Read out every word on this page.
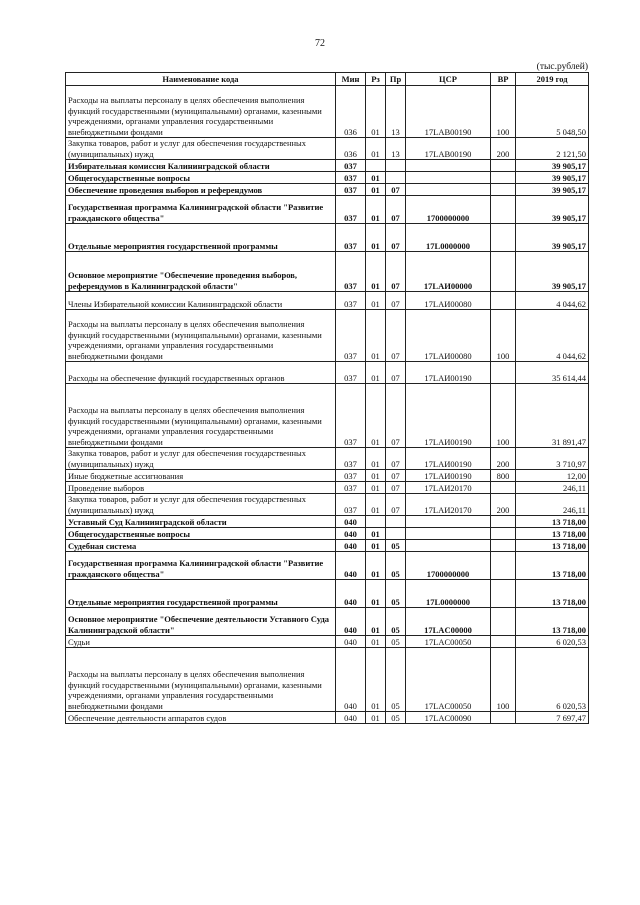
72
(тыс.рублей)
Наименование кода	Мин	Рз	Пр	ЦСР	ВР	2019 год
Расходы на выплаты персоналу в целях обеспечения выполнения функций государственными (муниципальными) органами, казенными учреждениями, органами управления государственными внебюджетными фондами	036	01	13	17LAB00190	100	5 048,50
Закупка товаров, работ и услуг для обеспечения государственных (муниципальных) нужд	036	01	13	17LAB00190	200	2 121,50
Избирательная комиссия Калининградской области	037					39 905,17
Общегосударственные вопросы	037	01				39 905,17
Обеспечение проведения выборов и референдумов	037	01	07			39 905,17
Государственная программа Калининградской области "Развитие гражданского общества"	037	01	07	1700000000		39 905,17
Отдельные мероприятия государственной программы	037	01	07	17L0000000		39 905,17
Основное мероприятие "Обеспечение проведения выборов, референдумов в Калининградской области"	037	01	07	17LAИ00000		39 905,17
Члены Избирательной комиссии Калининградской области	037	01	07	17LAИ00080		4 044,62
Расходы на выплаты персоналу в целях обеспечения выполнения функций государственными (муниципальными) органами, казенными учреждениями, органами управления государственными внебюджетными фондами	037	01	07	17LAИ00080	100	4 044,62
Расходы на обеспечение функций государственных органов	037	01	07	17LAИ00190		35 614,44
Расходы на выплаты персоналу в целях обеспечения выполнения функций государственными (муниципальными) органами, казенными учреждениями, органами управления государственными внебюджетными фондами	037	01	07	17LAИ00190	100	31 891,47
Закупка товаров, работ и услуг для обеспечения государственных (муниципальных) нужд	037	01	07	17LAИ00190	200	3 710,97
Иные бюджетные ассигнования	037	01	07	17LAИ00190	800	12,00
Проведение выборов	037	01	07	17LAИ20170		246,11
Закупка товаров, работ и услуг для обеспечения государственных (муниципальных) нужд	037	01	07	17LAИ20170	200	246,11
Уставный Суд Калининградской области	040					13 718,00
Общегосударственные вопросы	040	01				13 718,00
Судебная система	040	01	05			13 718,00
Государственная программа Калининградской области "Развитие гражданского общества"	040	01	05	1700000000		13 718,00
Отдельные мероприятия государственной программы	040	01	05	17L0000000		13 718,00
Основное мероприятие "Обеспечение деятельности Уставного Суда Калининградской области"	040	01	05	17LAC00000		13 718,00
Судьи	040	01	05	17LAC00050		6 020,53
Расходы на выплаты персоналу в целях обеспечения выполнения функций государственными (муниципальными) органами, казенными учреждениями, органами управления государственными внебюджетными фондами	040	01	05	17LAC00050	100	6 020,53
Обеспечение деятельности аппаратов судов	040	01	05	17LAC00090		7 697,47
